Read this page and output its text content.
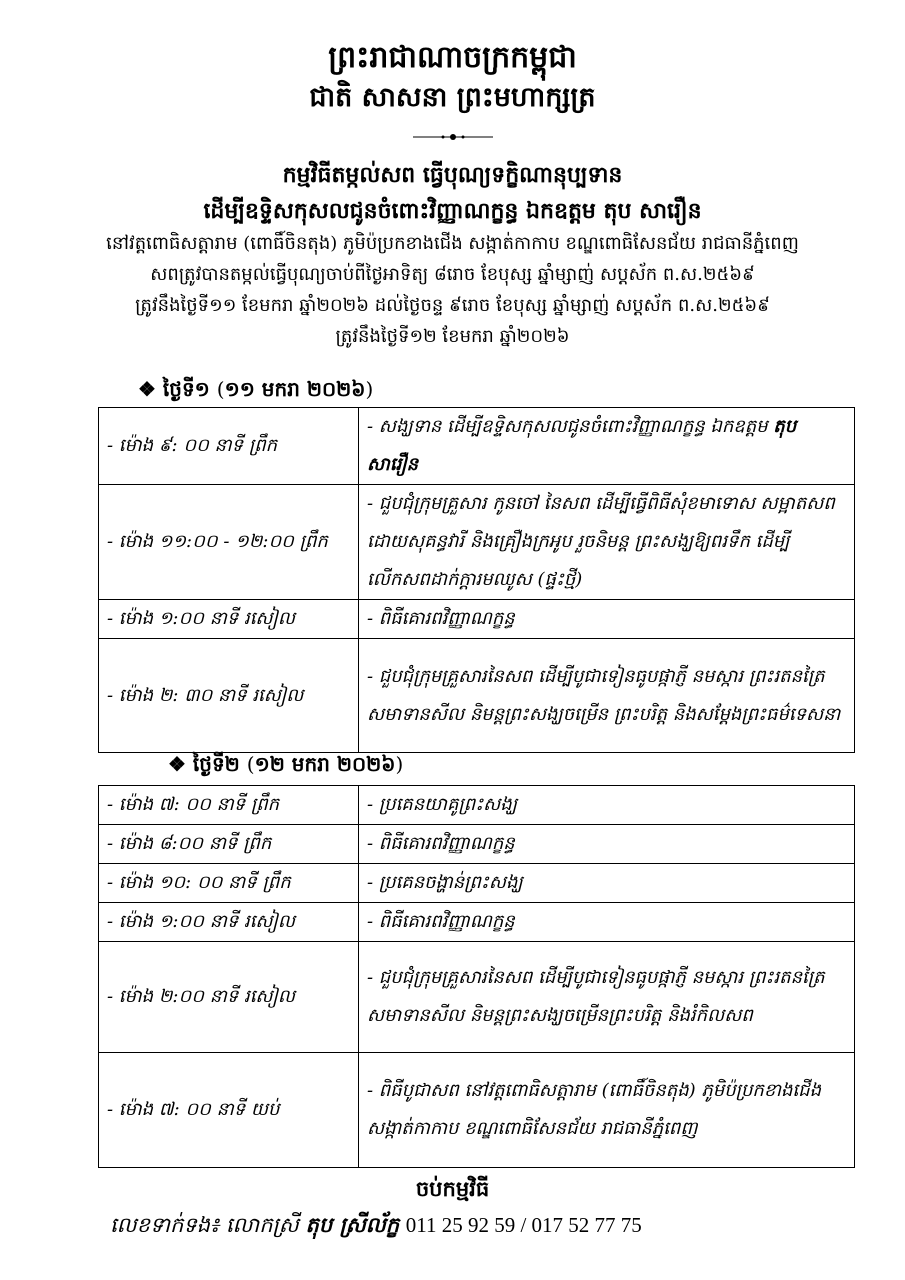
ព្រះរាជាណាចក្រកម្ពុជា
ជាតិ សាសនា ព្រះមហាក្សត្រ
កម្មវិធីតម្កល់សព ធ្វើបុណ្យទក្ខិណានុប្បទាន
ដើម្បីឧទ្ទិសកុសលជូនចំពោះវិញ្ញាណក្ខន្ធ ឯកឧត្តម តុប សារឿន
នៅវត្តពោធិសត្តារាម (ពោធិ៍ចិនតុង) ភូមិប៉ប្រកខាងជើង សង្កាត់កាកាប ខណ្ឌពោធិសែនជ័យ រាជធានីភ្នំពេញ
សពត្រូវបានតម្កល់ធ្វើបុណ្យចាប់ពីថ្ងៃអាទិត្យ ៨រោច ខែបុស្ស ឆ្នាំម្សាញ់ សប្តស័ក ព.ស.២៥៦៩
ត្រូវនឹងថ្ងៃទី១១ ខែមករា ឆ្នាំ២០២៦ ដល់ថ្ងៃចន្ទ ៩រោច ខែបុស្ស ឆ្នាំម្សាញ់ សប្តស័ក ព.ស.២៥៦៩
ត្រូវនឹងថ្ងៃទី១២ ខែមករា ឆ្នាំ២០២៦
❖ ថ្ងៃទី១ (១១ មករា ២០២៦)
- ម៉ោង ៩: ០០ នាទី ព្រឹក	- សង្ឃទាន ដើម្បីឧទ្ទិសកុសលជូនចំពោះវិញ្ញាណក្ខន្ធ ឯកឧត្តម តុប សារឿន
- ម៉ោង ១១:០០ - ១២:០០ ព្រឹក	- ជួបជុំក្រុមគ្រួសារ កូនចៅ នៃសព ដើម្បីធ្វើពិធីសុំខមាទោស សម្អាតសព ដោយសុគន្ធវារី និងគ្រឿងក្រអូប រួចនិមន្ត ព្រះសង្ឃឱ្យពរទឹក ដើម្បីលើកសពដាក់ក្តារមឈូស (ផ្ទះថ្មី)
- ម៉ោង ១:០០ នាទី រសៀល	- ពិធីគោរពវិញ្ញាណក្ខន្ធ
- ម៉ោង ២: ៣០ នាទី រសៀល	- ជួបជុំក្រុមគ្រួសារនៃសព ដើម្បីបូជាទៀនធូបផ្កាភ្ញី នមស្ការ ព្រះរតនត្រៃ សមាទានសីល និមន្តព្រះសង្ឃចម្រើន ព្រះបរិត្ត និងសម្តែងព្រះធម៌ទេសនា
❖ ថ្ងៃទី២ (១២ មករា ២០២៦)
- ម៉ោង ៧: ០០ នាទី ព្រឹក	- ប្រគេនយាគូព្រះសង្ឃ
- ម៉ោង ៨:០០ នាទី ព្រឹក	- ពិធីគោរពវិញ្ញាណក្ខន្ធ
- ម៉ោង ១០: ០០ នាទី ព្រឹក	- ប្រគេនចង្ហាន់ព្រះសង្ឃ
- ម៉ោង ១:០០ នាទី រសៀល	- ពិធីគោរពវិញ្ញាណក្ខន្ធ
- ម៉ោង ២:០០ នាទី រសៀល	- ជួបជុំក្រុមគ្រួសារនៃសព ដើម្បីបូជាទៀនធូបផ្កាភ្ញី នមស្ការ ព្រះរតនត្រៃ សមាទានសីល និមន្តព្រះសង្ឃចម្រើនព្រះបរិត្ត និងរំកិលសព
- ម៉ោង ៧: ០០ នាទី យប់	- ពិធីបូជាសព នៅវត្តពោធិសត្តារាម (ពោធិ៍ចិនតុង) ភូមិប៉ប្រកខាងជើង សង្កាត់កាកាប ខណ្ឌពោធិសែនជ័យ រាជធានីភ្នំពេញ
ចប់កម្មវិធី
លេខទាក់ទង៖ លោកស្រី តុប ស្រីល័ក្ខ 011 25 92 59 / 017 52 77 75
